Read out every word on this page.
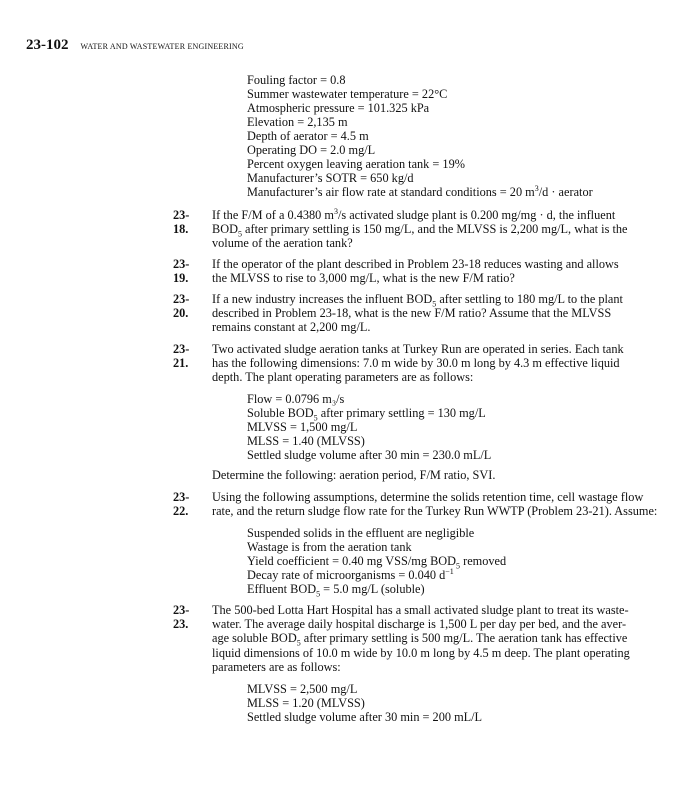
23-102 WATER AND WASTEWATER ENGINEERING
Fouling factor = 0.8
Summer wastewater temperature = 22°C
Atmospheric pressure = 101.325 kPa
Elevation = 2,135 m
Depth of aerator = 4.5 m
Operating DO = 2.0 mg/L
Percent oxygen leaving aeration tank = 19%
Manufacturer’s SOTR = 650 kg/d
Manufacturer’s air flow rate at standard conditions = 20 $m^3/d$ · aerator
23-18.
If the F/M of a 0.4380 $m^3/s$ activated sludge plant is 0.200 mg/mg · d, the influent
$BOD_5$ after primary settling is 150 mg/L, and the MLVSS is 2,200 mg/L, what is the
volume of the aeration tank?
23-19.
If the operator of the plant described in Problem 23-18 reduces wasting and allows
the MLVSS to rise to 3,000 mg/L, what is the new F/M ratio?
23-20.
If a new industry increases the influent $BOD_5$ after settling to 180 mg/L to the plant
described in Problem 23-18, what is the new F/M ratio? Assume that the MLVSS
remains constant at 2,200 mg/L.
23-21.
Two activated sludge aeration tanks at Turkey Run are operated in series. Each tank
has the following dimensions: 7.0 m wide by 30.0 m long by 4.3 m effective liquid
depth. The plant operating parameters are as follows:
Flow = 0.0796 m₃/s
Soluble $BOD_5$ after primary settling = 130 mg/L
MLVSS = 1,500 mg/L
MLSS = 1.40 (MLVSS)
Settled sludge volume after 30 min = 230.0 mL/L
Determine the following: aeration period, F/M ratio, SVI.
23-22.
Using the following assumptions, determine the solids retention time, cell wastage flow
rate, and the return sludge flow rate for the Turkey Run WWTP (Problem 23-21). Assume:
Suspended solids in the effluent are negligible
Wastage is from the aeration tank
Yield coefficient = 0.40 mg VSS/mg $BOD_5$ removed
Decay rate of microorganisms = 0.040 $d^{-1}$
Effluent $BOD_5 = 5.0$ mg/L (soluble)
23-23.
The 500-bed Lotta Hart Hospital has a small activated sludge plant to treat its waste-
water. The average daily hospital discharge is 1,500 L per day per bed, and the aver-
age soluble $BOD_5$ after primary settling is 500 mg/L. The aeration tank has effective
liquid dimensions of 10.0 m wide by 10.0 m long by 4.5 m deep. The plant operating
parameters are as follows:
MLVSS = 2,500 mg/L
MLSS = 1.20 (MLVSS)
Settled sludge volume after 30 min = 200 mL/L
